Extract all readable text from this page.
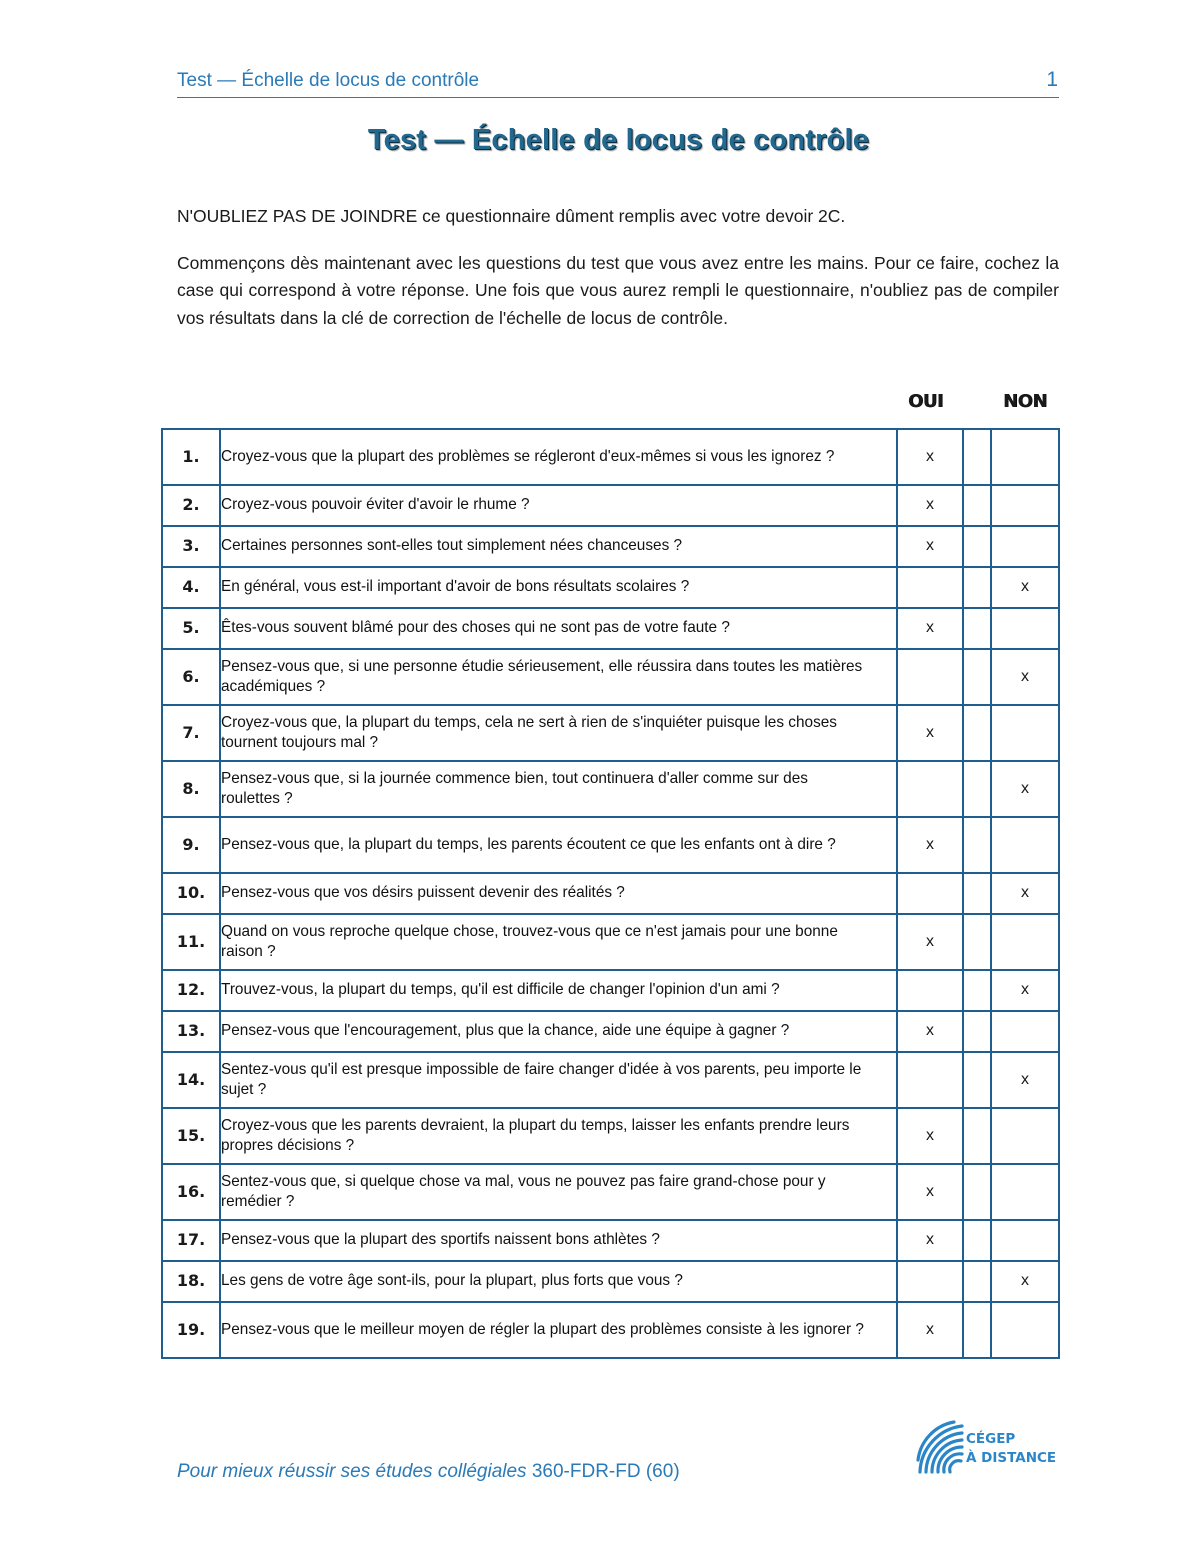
Test — Échelle de locus de contrôle	1
Test — Échelle de locus de contrôle
N'OUBLIEZ PAS DE JOINDRE ce questionnaire dûment remplis avec votre devoir 2C.
Commençons dès maintenant avec les questions du test que vous avez entre les mains. Pour ce faire, cochez la case qui correspond à votre réponse. Une fois que vous aurez rempli le questionnaire, n'oubliez pas de compiler vos résultats dans la clé de correction de l'échelle de locus de contrôle.
OUI	NON
1.	Croyez-vous que la plupart des problèmes se régleront d'eux-mêmes si vous les ignorez ?	x		
2.	Croyez-vous pouvoir éviter d'avoir le rhume ?	x		
3.	Certaines personnes sont-elles tout simplement nées chanceuses ?	x		
4.	En général, vous est-il important d'avoir de bons résultats scolaires ?			x
5.	Êtes-vous souvent blâmé pour des choses qui ne sont pas de votre faute ?	x		
6.	Pensez-vous que, si une personne étudie sérieusement, elle réussira dans toutes les matières académiques ?			x
7.	Croyez-vous que, la plupart du temps, cela ne sert à rien de s'inquiéter puisque les choses tournent toujours mal ?	x		
8.	Pensez-vous que, si la journée commence bien, tout continuera d'aller comme sur des roulettes ?			x
9.	Pensez-vous que, la plupart du temps, les parents écoutent ce que les enfants ont à dire ?	x		
10.	Pensez-vous que vos désirs puissent devenir des réalités ?			x
11.	Quand on vous reproche quelque chose, trouvez-vous que ce n'est jamais pour une bonne raison ?	x		
12.	Trouvez-vous, la plupart du temps, qu'il est difficile de changer l'opinion d'un ami ?			x
13.	Pensez-vous que l'encouragement, plus que la chance, aide une équipe à gagner ?	x		
14.	Sentez-vous qu'il est presque impossible de faire changer d'idée à vos parents, peu importe le sujet ?			x
15.	Croyez-vous que les parents devraient, la plupart du temps, laisser les enfants prendre leurs propres décisions ?	x		
16.	Sentez-vous que, si quelque chose va mal, vous ne pouvez pas faire grand-chose pour y remédier ?	x		
17.	Pensez-vous que la plupart des sportifs naissent bons athlètes ?	x		
18.	Les gens de votre âge sont-ils, pour la plupart, plus forts que vous ?			x
19.	Pensez-vous que le meilleur moyen de régler la plupart des problèmes consiste à les ignorer ?	x		
Pour mieux réussir ses études collégiales 360-FDR-FD (60)
CÉGEP
À DISTANCE
